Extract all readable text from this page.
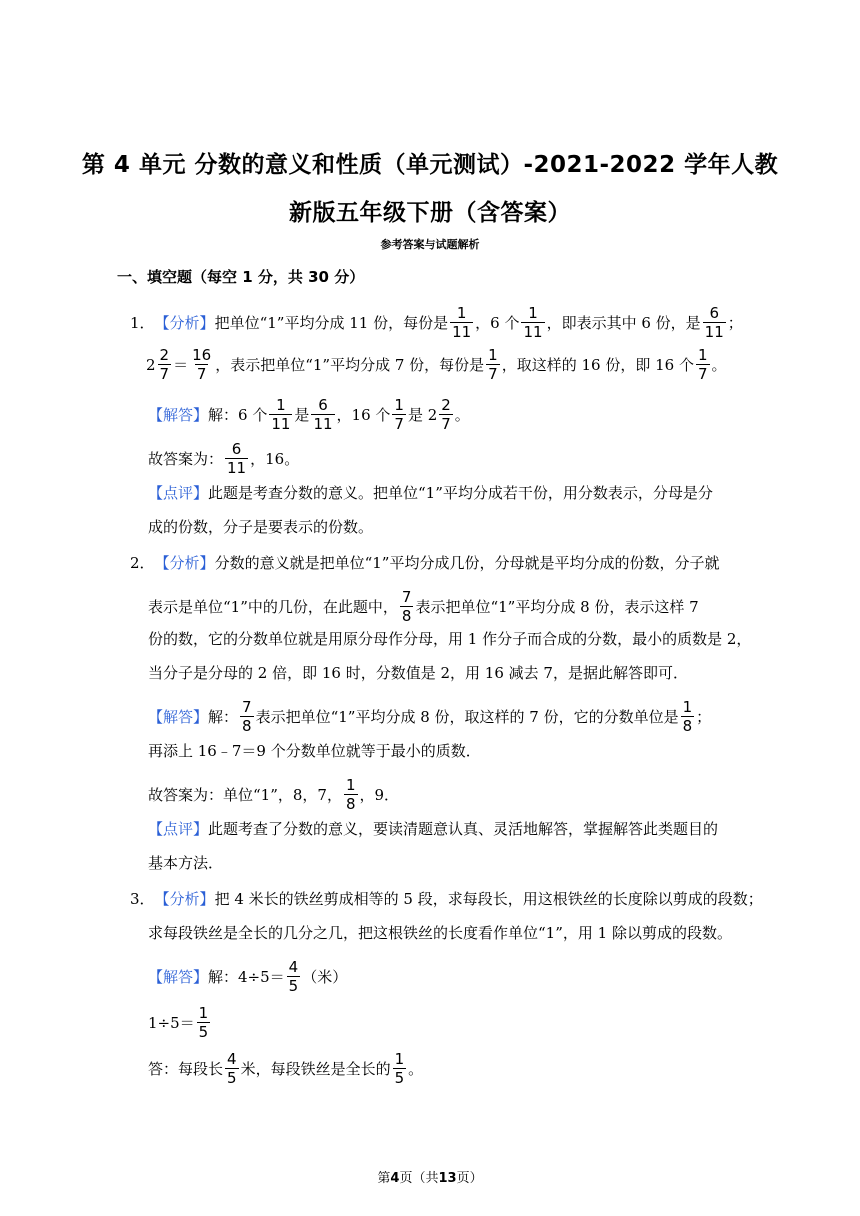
第 4 单元 分数的意义和性质（单元测试）-2021-2022 学年人教
新版五年级下册（含答案）
参考答案与试题解析
一、填空题（每空 1 分，共 30 分）
1． 【分析】 把单位“1”平均分成 11 份，每份是 $\frac{1}{11}$ ，6 个 $\frac{1}{11}$ ，即表示其中 6 份，是 $\frac{6}{11}$ ；
$2 \frac{2}{7} = \frac{16}{7}$ ，表示把单位“1”平均分成 7 份，每份是 $\frac{1}{7}$ ，取这样的 16 份，即 16 个 $\frac{1}{7}$ 。
【解答】 解：6 个 $\frac{1}{11}$ 是 $\frac{6}{11}$ ，16 个 $\frac{1}{7}$ 是 $2 \frac{2}{7}$ 。
故答案为： $\frac{6}{11}$ ，16。
【点评】 此题是考查分数的意义。把单位“1”平均分成若干份，用分数表示，分母是分
成的份数，分子是要表示的份数。
2． 【分析】 分数的意义就是把单位“1”平均分成几份，分母就是平均分成的份数，分子就
表示是单位“1”中的几份，在此题中， $\frac{7}{8}$ 表示把单位“1”平均分成 8 份，表示这样 7
份的数，它的分数单位就是用原分母作分母，用 1 作分子而合成的分数，最小的质数是 2，
当分子是分母的 2 倍，即 16 时，分数值是 2，用 16 减去 7，是据此解答即可．
【解答】 解： $\frac{7}{8}$ 表示把单位“1”平均分成 8 份，取这样的 7 份，它的分数单位是 $\frac{1}{8}$ ；
再添上 16﹣7＝9 个分数单位就等于最小的质数．
故答案为：单位“1”，8，7， $\frac{1}{8}$ ，9．
【点评】 此题考查了分数的意义，要读清题意认真、灵活地解答，掌握解答此类题目的
基本方法．
3． 【分析】 把 4 米长的铁丝剪成相等的 5 段，求每段长，用这根铁丝的长度除以剪成的段数；
求每段铁丝是全长的几分之几，把这根铁丝的长度看作单位“1”，用 1 除以剪成的段数。
【解答】 解：$4\div 5= \frac{4}{5}$ （米）
$1\div 5= \frac{1}{5}$
答：每段长 $\frac{4}{5}$ 米，每段铁丝是全长的 $\frac{1}{5}$ 。
第4页（共13页）
